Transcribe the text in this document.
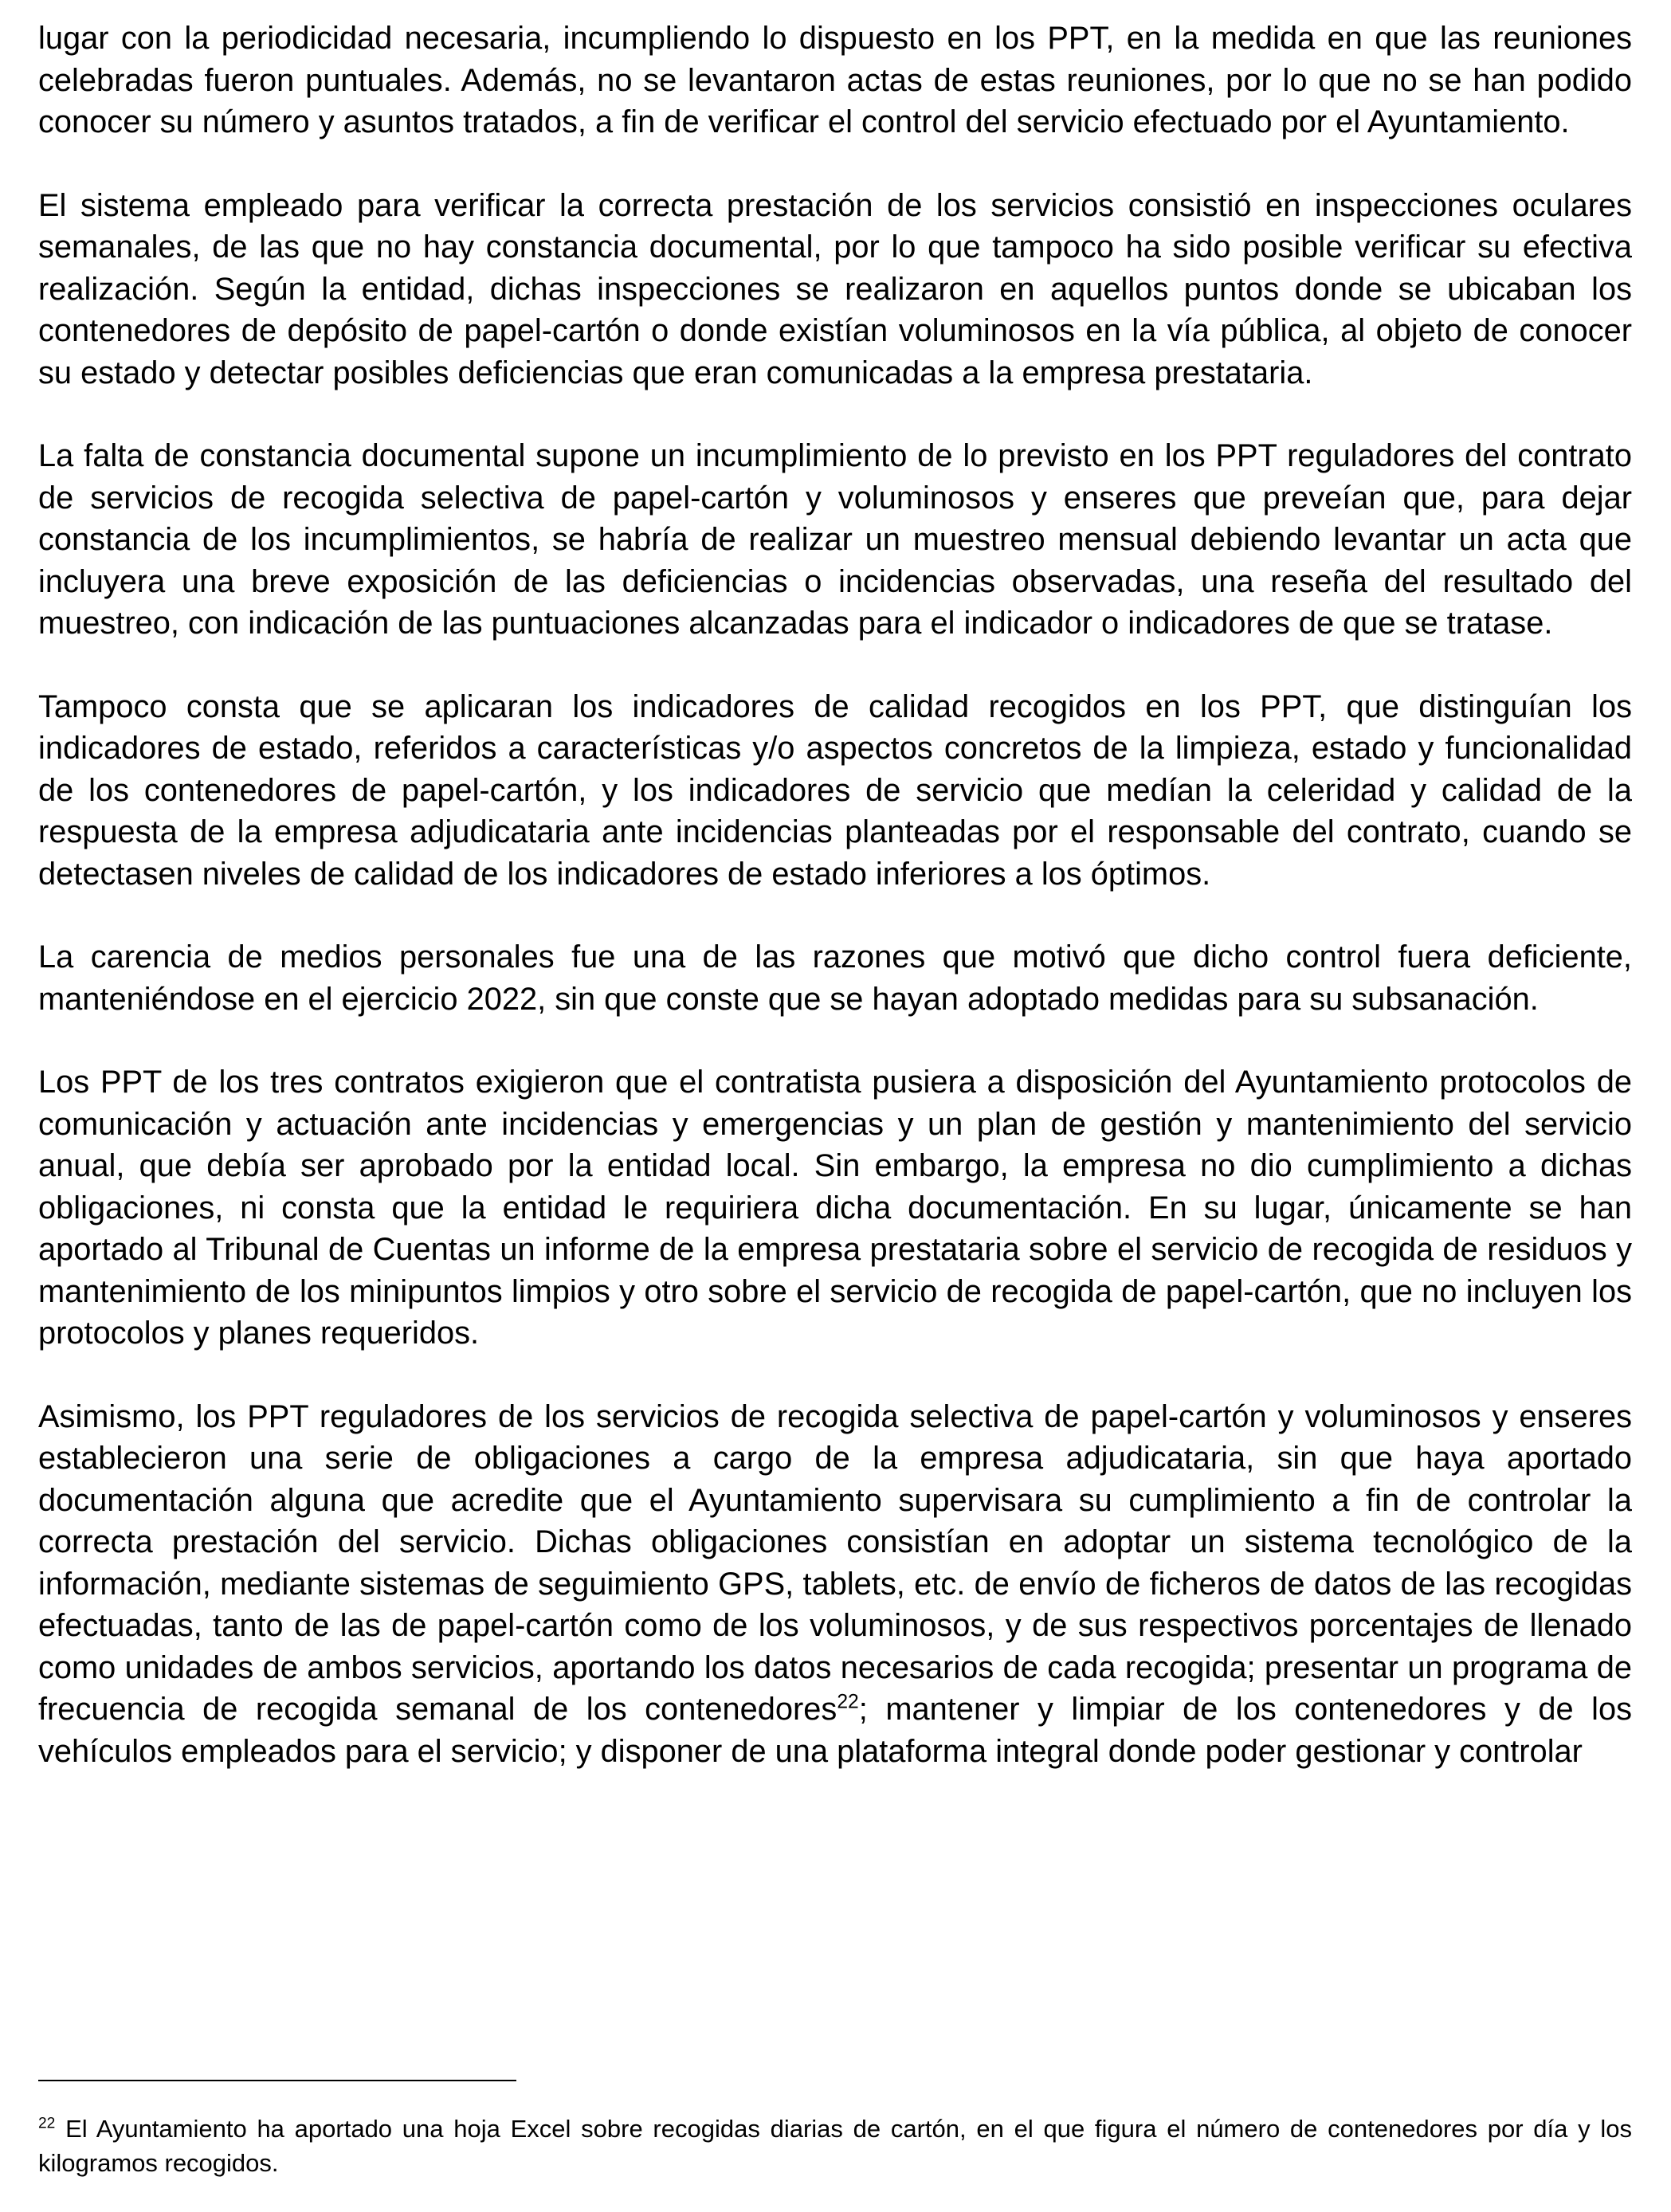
lugar con la periodicidad necesaria, incumpliendo lo dispuesto en los PPT, en la medida en que las reuniones celebradas fueron puntuales. Además, no se levantaron actas de estas reuniones, por lo que no se han podido conocer su número y asuntos tratados, a fin de verificar el control del servicio efectuado por el Ayuntamiento.

El sistema empleado para verificar la correcta prestación de los servicios consistió en inspecciones oculares semanales, de las que no hay constancia documental, por lo que tampoco ha sido posible verificar su efectiva realización. Según la entidad, dichas inspecciones se realizaron en aquellos puntos donde se ubicaban los contenedores de depósito de papel-cartón o donde existían voluminosos en la vía pública, al objeto de conocer su estado y detectar posibles deficiencias que eran comunicadas a la empresa prestataria.

La falta de constancia documental supone un incumplimiento de lo previsto en los PPT reguladores del contrato de servicios de recogida selectiva de papel-cartón y voluminosos y enseres que preveían que, para dejar constancia de los incumplimientos, se habría de realizar un muestreo mensual debiendo levantar un acta que incluyera una breve exposición de las deficiencias o incidencias observadas, una reseña del resultado del muestreo, con indicación de las puntuaciones alcanzadas para el indicador o indicadores de que se tratase.

Tampoco consta que se aplicaran los indicadores de calidad recogidos en los PPT, que distinguían los indicadores de estado, referidos a características y/o aspectos concretos de la limpieza, estado y funcionalidad de los contenedores de papel-cartón, y los indicadores de servicio que medían la celeridad y calidad de la respuesta de la empresa adjudicataria ante incidencias planteadas por el responsable del contrato, cuando se detectasen niveles de calidad de los indicadores de estado inferiores a los óptimos.

La carencia de medios personales fue una de las razones que motivó que dicho control fuera deficiente, manteniéndose en el ejercicio 2022, sin que conste que se hayan adoptado medidas para su subsanación.

Los PPT de los tres contratos exigieron que el contratista pusiera a disposición del Ayuntamiento protocolos de comunicación y actuación ante incidencias y emergencias y un plan de gestión y mantenimiento del servicio anual, que debía ser aprobado por la entidad local. Sin embargo, la empresa no dio cumplimiento a dichas obligaciones, ni consta que la entidad le requiriera dicha documentación. En su lugar, únicamente se han aportado al Tribunal de Cuentas un informe de la empresa prestataria sobre el servicio de recogida de residuos y mantenimiento de los minipuntos limpios y otro sobre el servicio de recogida de papel-cartón, que no incluyen los protocolos y planes requeridos.

Asimismo, los PPT reguladores de los servicios de recogida selectiva de papel-cartón y voluminosos y enseres establecieron una serie de obligaciones a cargo de la empresa adjudicataria, sin que haya aportado documentación alguna que acredite que el Ayuntamiento supervisara su cumplimiento a fin de controlar la correcta prestación del servicio. Dichas obligaciones consistían en adoptar un sistema tecnológico de la información, mediante sistemas de seguimiento GPS, tablets, etc. de envío de ficheros de datos de las recogidas efectuadas, tanto de las de papel-cartón como de los voluminosos, y de sus respectivos porcentajes de llenado como unidades de ambos servicios, aportando los datos necesarios de cada recogida; presentar un programa de frecuencia de recogida semanal de los contenedores$^{22}$; mantener y limpiar de los contenedores y de los vehículos empleados para el servicio; y disponer de una plataforma integral donde poder gestionar y controlar

$^{22}$ El Ayuntamiento ha aportado una hoja Excel sobre recogidas diarias de cartón, en el que figura el número de contenedores por día y los kilogramos recogidos.
